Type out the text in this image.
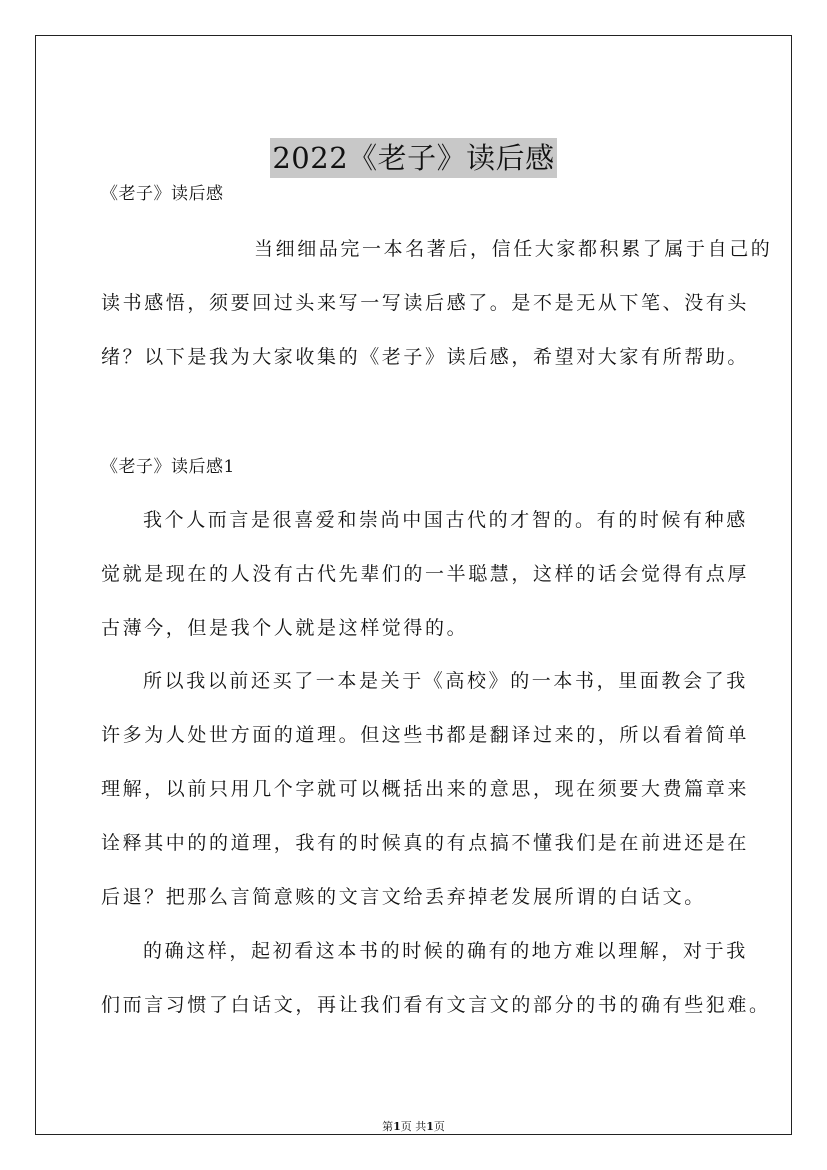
2022《老子》读后感
《老子》读后感
当细细品完一本名著后，信任大家都积累了属于自己的
读书感悟，须要回过头来写一写读后感了。是不是无从下笔、没有头
绪？以下是我为大家收集的《老子》读后感，希望对大家有所帮助。
《老子》读后感1
我个人而言是很喜爱和崇尚中国古代的才智的。有的时候有种感
觉就是现在的人没有古代先辈们的一半聪慧，这样的话会觉得有点厚
古薄今，但是我个人就是这样觉得的。
所以我以前还买了一本是关于《高校》的一本书，里面教会了我
许多为人处世方面的道理。但这些书都是翻译过来的，所以看着简单
理解，以前只用几个字就可以概括出来的意思，现在须要大费篇章来
诠释其中的的道理，我有的时候真的有点搞不懂我们是在前进还是在
后退？把那么言简意赅的文言文给丢弃掉老发展所谓的白话文。
的确这样，起初看这本书的时候的确有的地方难以理解，对于我
们而言习惯了白话文，再让我们看有文言文的部分的书的确有些犯难。
第1页 共1页
